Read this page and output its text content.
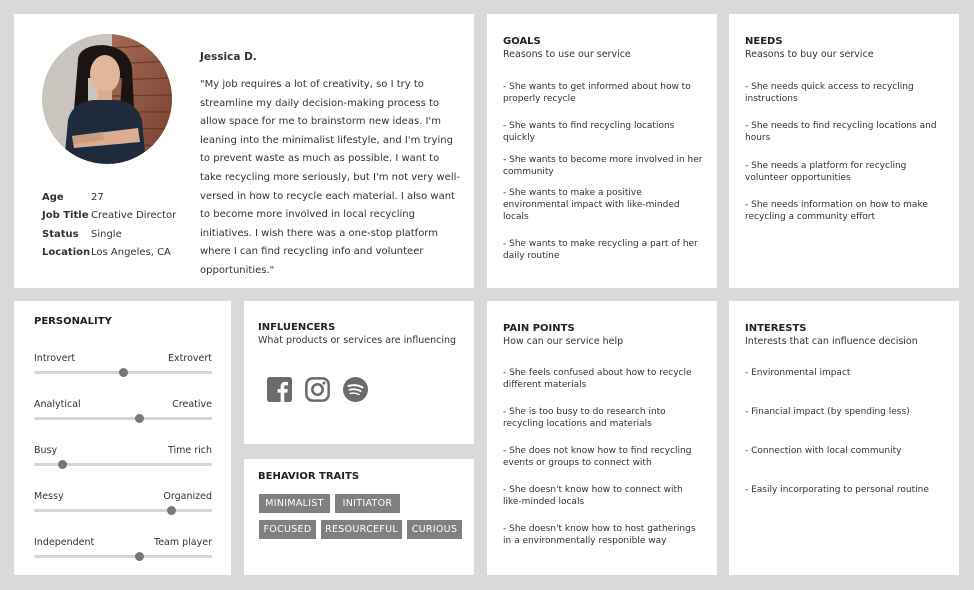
Age	27
Job Title Creative Director
Status	Single
Location Los Angeles, CA
Jessica D.
"My job requires a lot of creativity, so I try to streamline my daily decision-making process to allow space for me to brainstorm new ideas. I'm leaning into the minimalist lifestyle, and I'm trying to prevent waste as much as possible. I want to take recycling more seriously, but I'm not very well-versed in how to recycle each material. I also want to become more involved in local recycling initiatives. I wish there was a one-stop platform where I can find recycling info and volunteer opportunities."
GOALS
Reasons to use our service
- She wants to get informed about how to properly recycle
- She wants to find recycling locations quickly
- She wants to become more involved in her community
- She wants to make a positive environmental impact with like-minded locals
- She wants to make recycling a part of her daily routine
NEEDS
Reasons to buy our service
- She needs quick access to recycling instructions
- She needs to find recycling locations and hours
- She needs a platform for recycling volunteer opportunities
- She needs information on how to make recycling a community effort
PERSONALITY
Introvert	Extrovert
Analytical	Creative
Busy	Time rich
Messy	Organized
Independent	Team player
INFLUENCERS
What products or services are influencing
BEHAVIOR TRAITS
MINIMALIST	INITIATOR
FOCUSED	RESOURCEFUL	CURIOUS
PAIN POINTS
How can our service help
- She feels confused about how to recycle different materials
- She is too busy to do research into recycling locations and materials
- She does not know how to find recycling events or groups to connect with
- She doesn't know how to connect with like-minded locals
- She doesn't know how to host gatherings in a environmentally responible way
INTERESTS
Interests that can influence decision
- Environmental impact
- Financial impact (by spending less)
- Connection with local community
- Easily incorporating to personal routine
